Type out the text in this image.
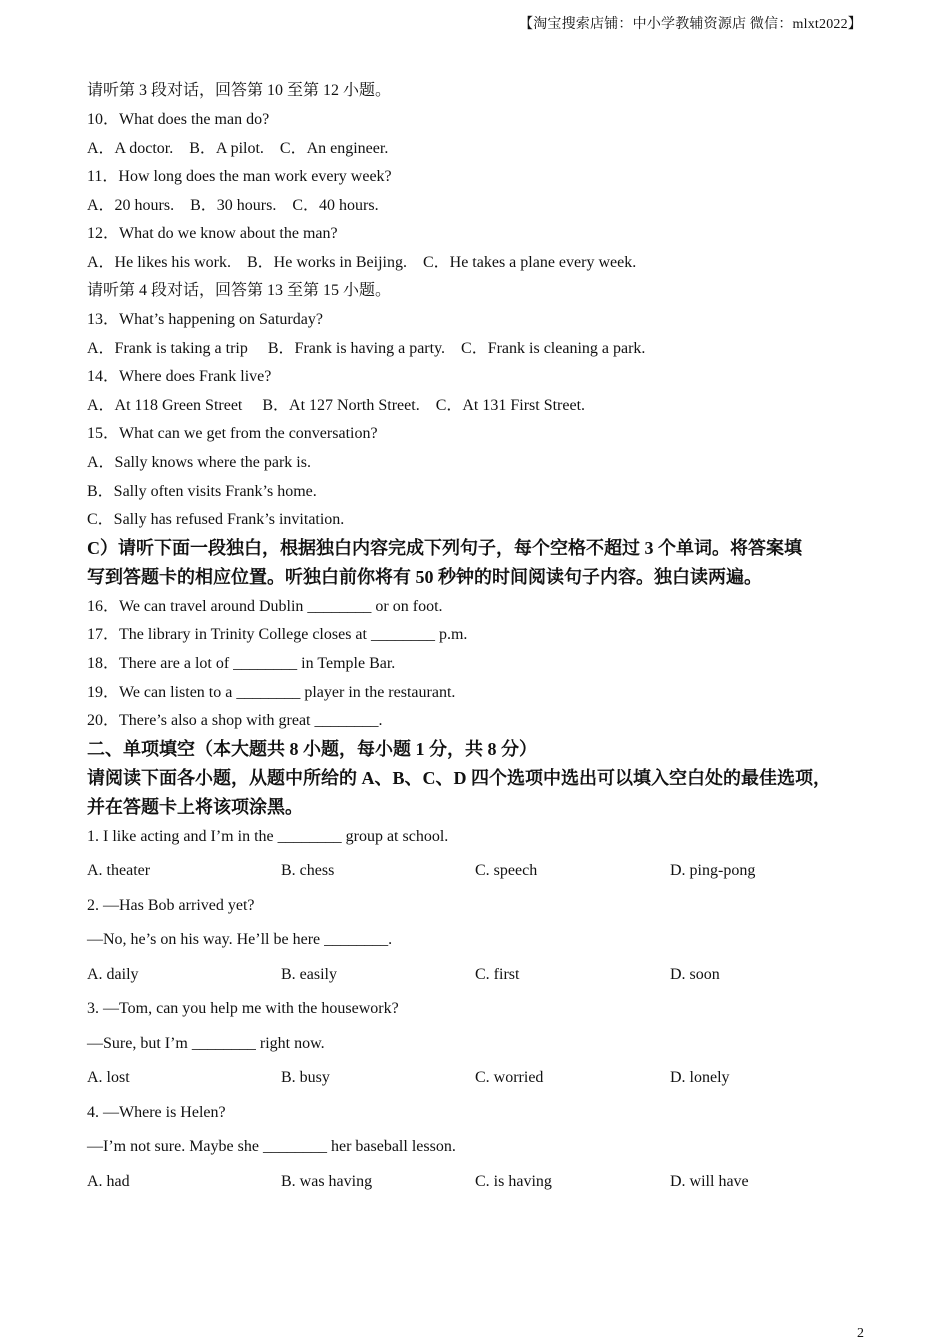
【淘宝搜索店铺：中小学教辅资源店 微信：mlxt2022】
请听第 3 段对话，回答第 10 至第 12 小题。
10．What does the man do?
A．A doctor.    B．A pilot.    C．An engineer.
11．How long does the man work every week?
A．20 hours.    B．30 hours.    C．40 hours.
12．What do we know about the man?
A．He likes his work.    B．He works in Beijing.    C．He takes a plane every week.
请听第 4 段对话，回答第 13 至第 15 小题。
13．What’s happening on Saturday?
A．Frank is taking a trip     B．Frank is having a party.    C．Frank is cleaning a park.
14．Where does Frank live?
A．At 118 Green Street     B．At 127 North Street.    C．At 131 First Street.
15．What can we get from the conversation?
A．Sally knows where the park is.
B．Sally often visits Frank’s home.
C．Sally has refused Frank’s invitation.
C）请听下面一段独白，根据独白内容完成下列句子，每个空格不超过 3 个单词。将答案填
写到答题卡的相应位置。听独白前你将有 50 秒钟的时间阅读句子内容。独白读两遍。
16．We can travel around Dublin ________ or on foot.
17．The library in Trinity College closes at ________ p.m.
18．There are a lot of ________ in Temple Bar.
19．We can listen to a ________ player in the restaurant.
20．There’s also a shop with great ________.
二、单项填空（本大题共 8 小题，每小题 1 分，共 8 分）
请阅读下面各小题，从题中所给的 A、B、C、D 四个选项中选出可以填入空白处的最佳选项，
并在答题卡上将该项涂黑。
1. I like acting and I’m in the ________ group at school.
A. theater	B. chess	C. speech	D. ping-pong
2. —Has Bob arrived yet?
—No, he’s on his way. He’ll be here ________.
A. daily	B. easily	C. first	D. soon
3. —Tom, can you help me with the housework?
—Sure, but I’m ________ right now.
A. lost	B. busy	C. worried	D. lonely
4. —Where is Helen?
—I’m not sure. Maybe she ________ her baseball lesson.
A. had	B. was having	C. is having	D. will have
2
